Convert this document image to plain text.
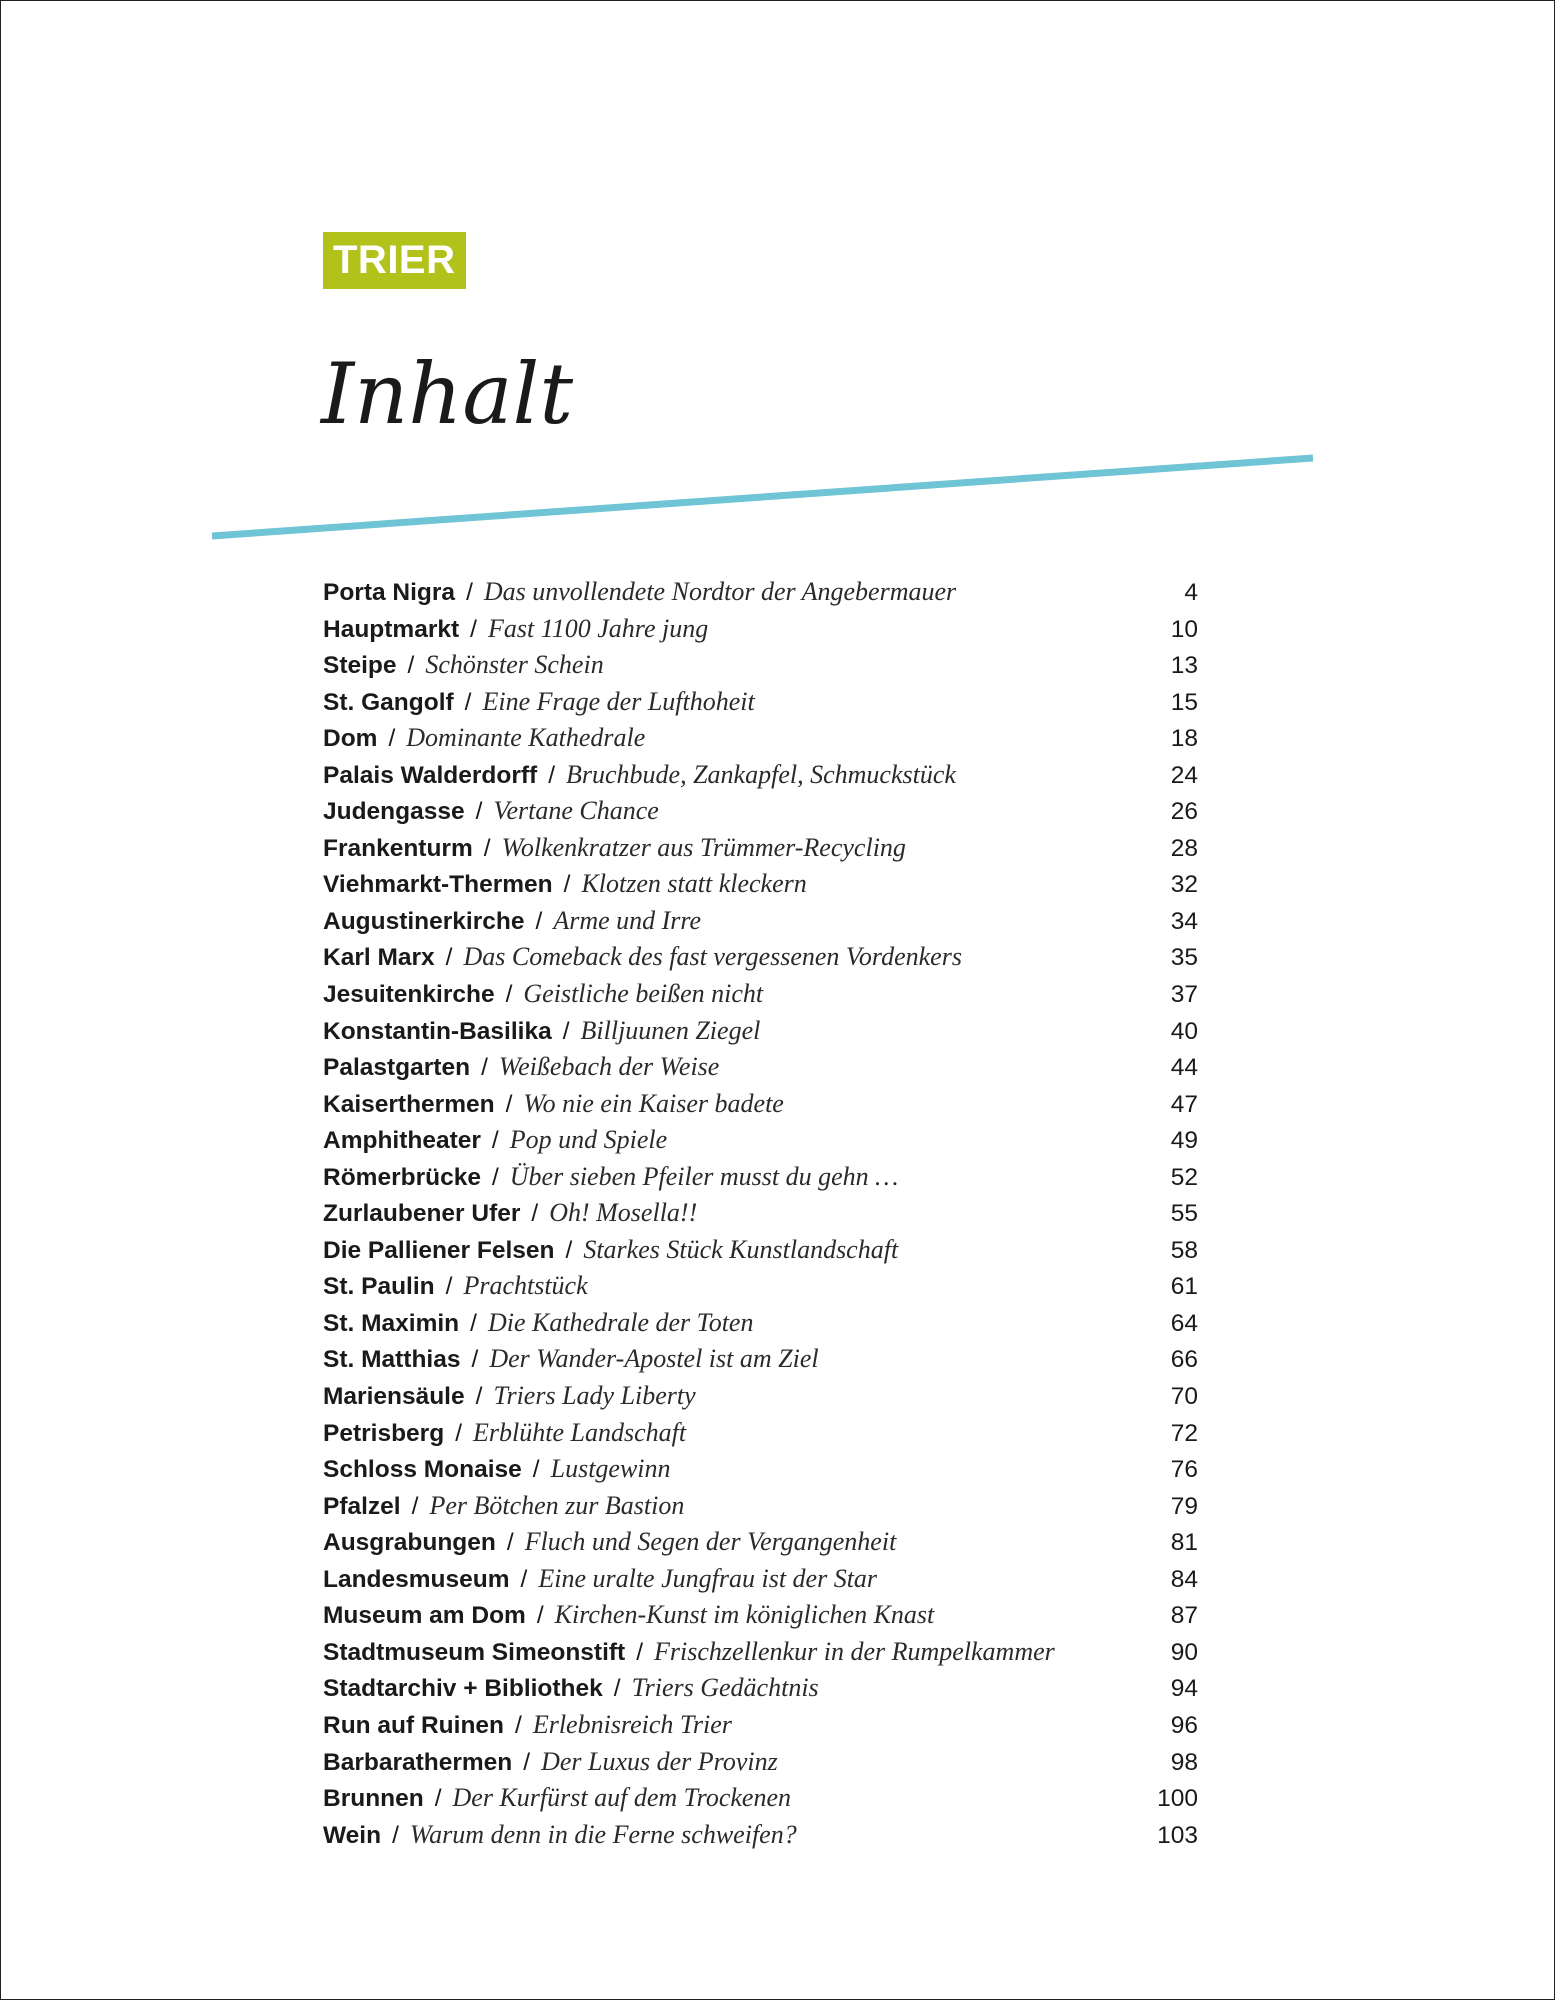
TRIER
Inhalt
Porta Nigra / Das unvollendete Nordtor der Angebermauer	4
Hauptmarkt / Fast 1100 Jahre jung	10
Steipe / Schönster Schein	13
St. Gangolf / Eine Frage der Lufthoheit	15
Dom / Dominante Kathedrale	18
Palais Walderdorff / Bruchbude, Zankapfel, Schmuckstück	24
Judengasse / Vertane Chance	26
Frankenturm / Wolkenkratzer aus Trümmer-Recycling	28
Viehmarkt-Thermen / Klotzen statt kleckern	32
Augustinerkirche / Arme und Irre	34
Karl Marx / Das Comeback des fast vergessenen Vordenkers	35
Jesuitenkirche / Geistliche beißen nicht	37
Konstantin-Basilika / Billjuunen Ziegel	40
Palastgarten / Weißebach der Weise	44
Kaiserthermen / Wo nie ein Kaiser badete	47
Amphitheater / Pop und Spiele	49
Römerbrücke / Über sieben Pfeiler musst du gehn …	52
Zurlaubener Ufer / Oh! Mosella!!	55
Die Palliener Felsen / Starkes Stück Kunstlandschaft	58
St. Paulin / Prachtstück	61
St. Maximin / Die Kathedrale der Toten	64
St. Matthias / Der Wander-Apostel ist am Ziel	66
Mariensäule / Triers Lady Liberty	70
Petrisberg / Erblühte Landschaft	72
Schloss Monaise / Lustgewinn	76
Pfalzel / Per Bötchen zur Bastion	79
Ausgrabungen / Fluch und Segen der Vergangenheit	81
Landesmuseum / Eine uralte Jungfrau ist der Star	84
Museum am Dom / Kirchen-Kunst im königlichen Knast	87
Stadtmuseum Simeonstift / Frischzellenkur in der Rumpelkammer	90
Stadtarchiv + Bibliothek / Triers Gedächtnis	94
Run auf Ruinen / Erlebnisreich Trier	96
Barbarathermen / Der Luxus der Provinz	98
Brunnen / Der Kurfürst auf dem Trockenen	100
Wein / Warum denn in die Ferne schweifen?	103
